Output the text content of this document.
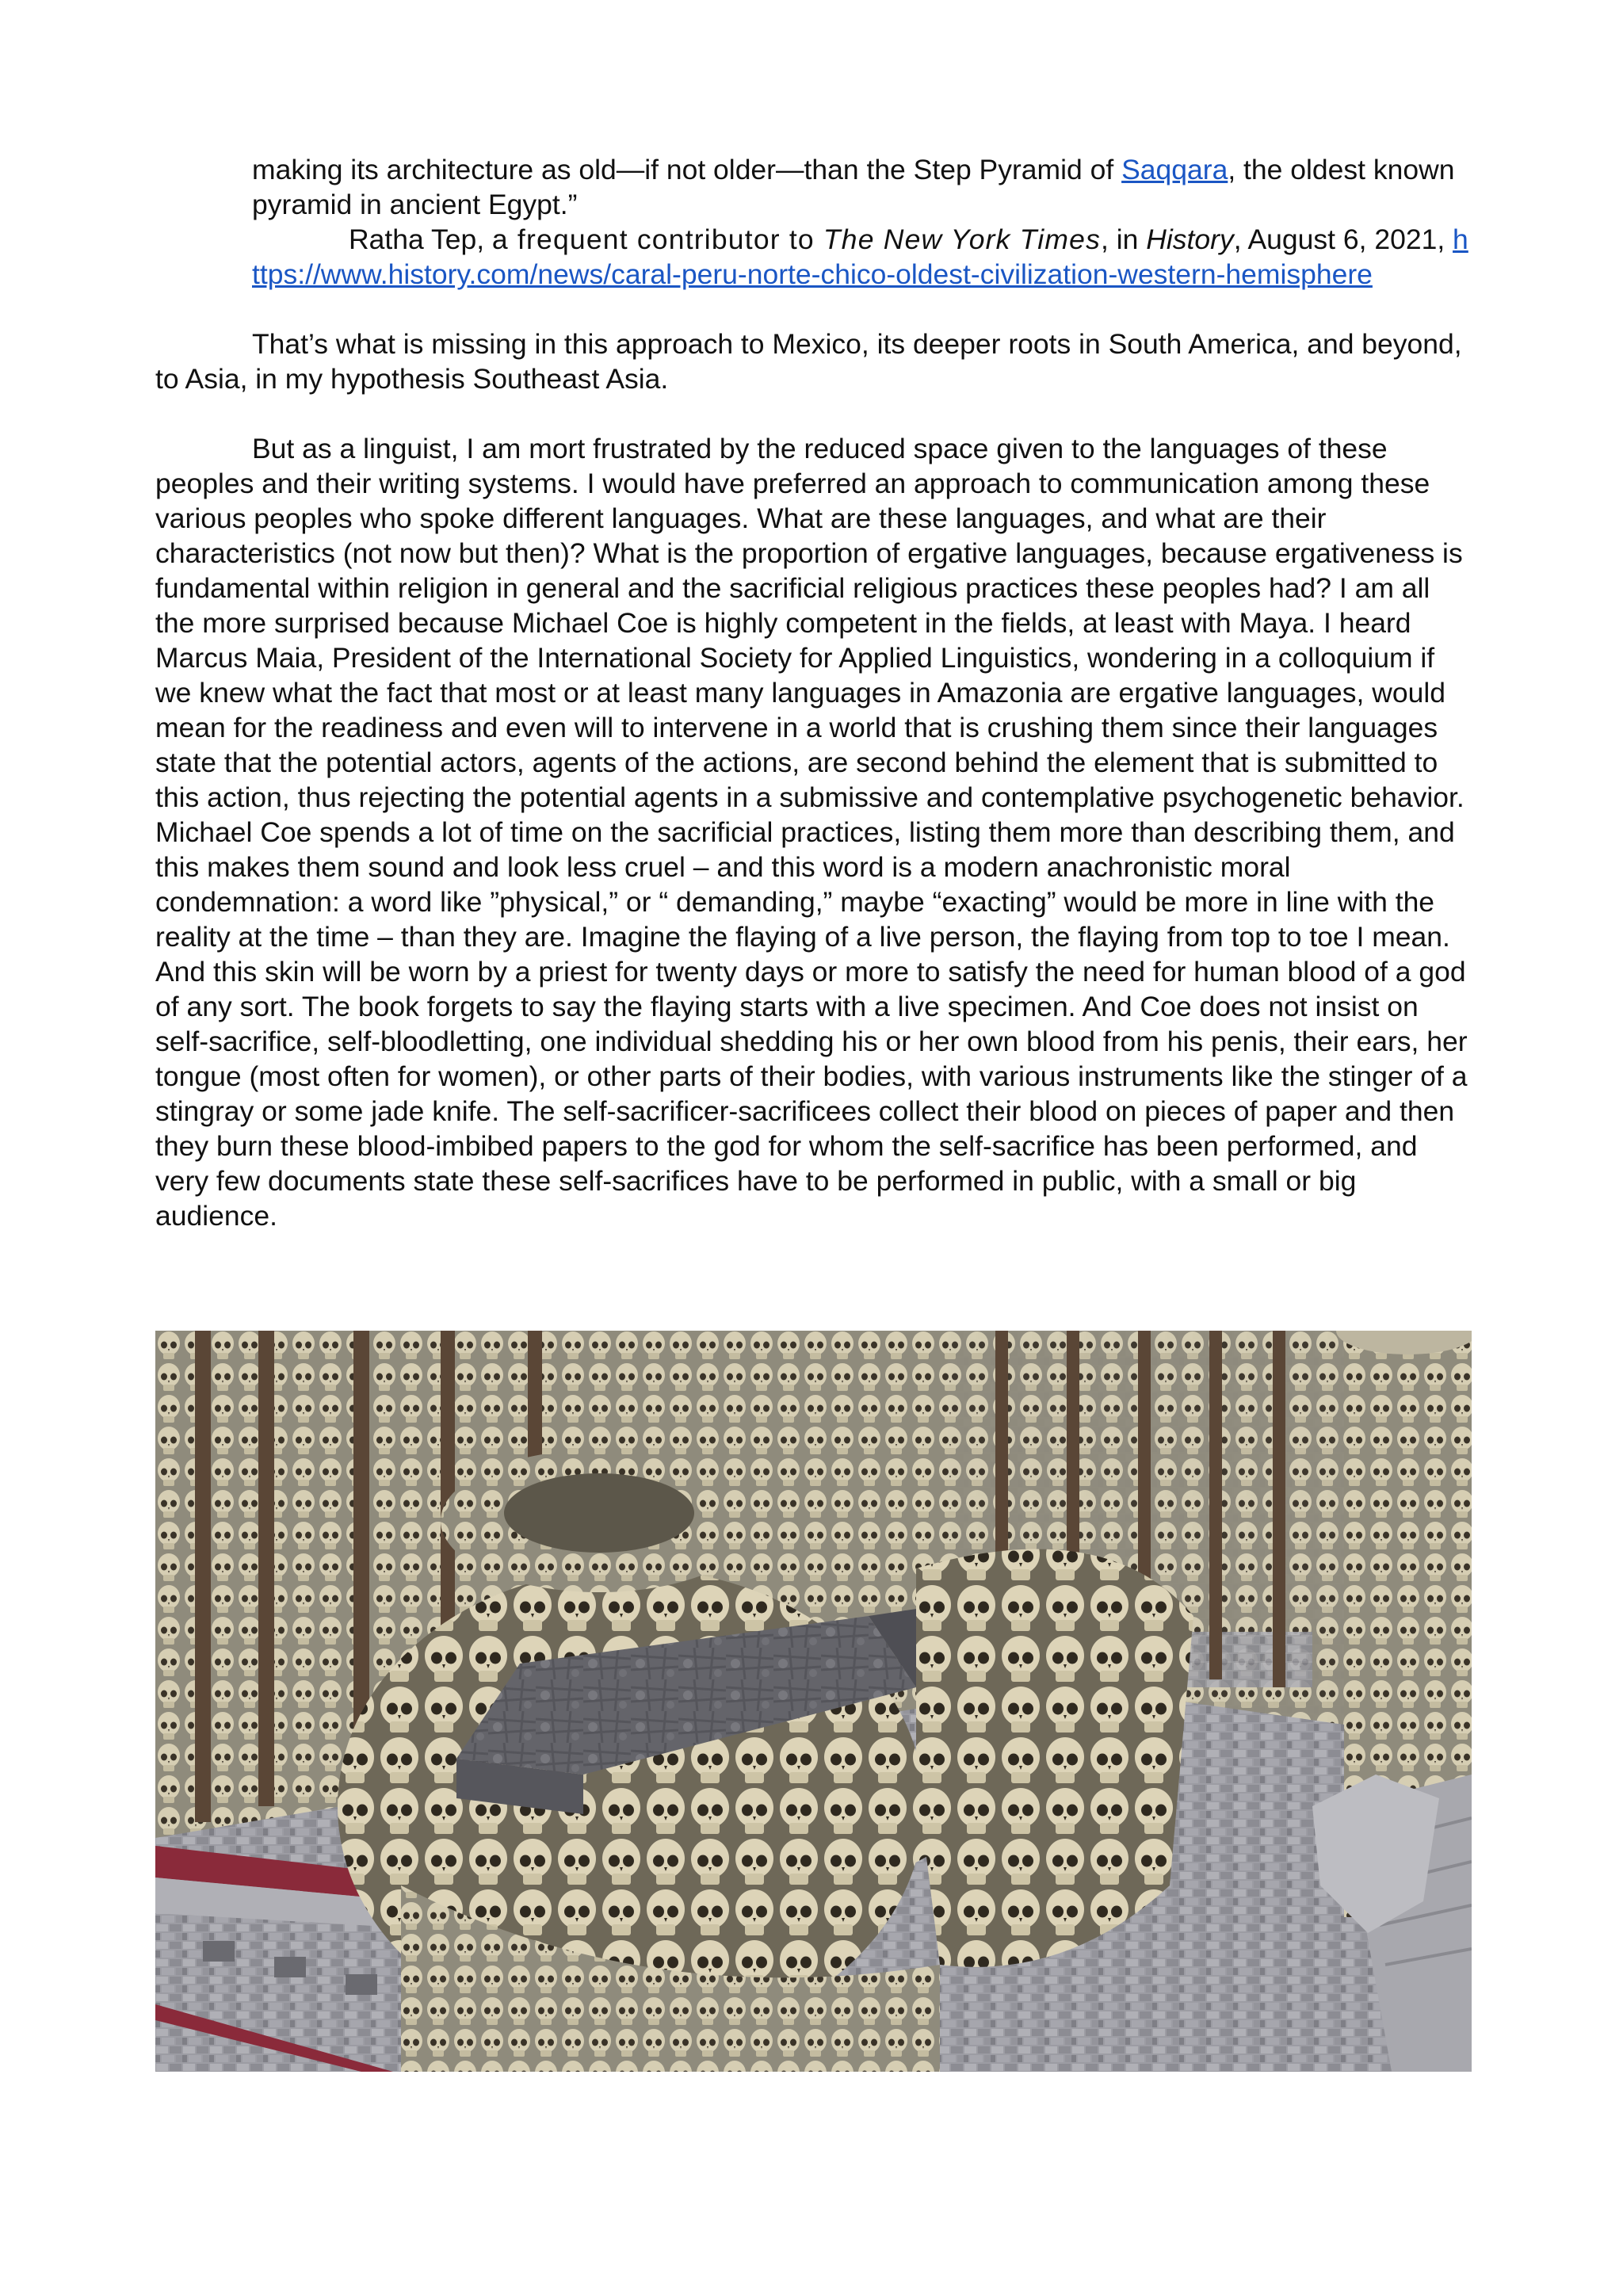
making its architecture as old—if not older—than the Step Pyramid of Saqqara, the oldest known pyramid in ancient Egypt.”

Ratha Tep, a frequent contributor to The New York Times, in History, August 6, 2021, https://www.history.com/news/caral-peru-norte-chico-oldest-civilization-western-hemisphere

That’s what is missing in this approach to Mexico, its deeper roots in South America, and beyond, to Asia, in my hypothesis Southeast Asia.

But as a linguist, I am mort frustrated by the reduced space given to the languages of these peoples and their writing systems. I would have preferred an approach to communication among these various peoples who spoke different languages. What are these languages, and what are their characteristics (not now but then)? What is the proportion of ergative languages, because ergativeness is fundamental within religion in general and the sacrificial religious practices these peoples had? I am all the more surprised because Michael Coe is highly competent in the fields, at least with Maya. I heard Marcus Maia, President of the International Society for Applied Linguistics, wondering in a colloquium if we knew what the fact that most or at least many languages in Amazonia are ergative languages, would mean for the readiness and even will to intervene in a world that is crushing them since their languages state that the potential actors, agents of the actions, are second behind the element that is submitted to this action, thus rejecting the potential agents in a submissive and contemplative psychogenetic behavior. Michael Coe spends a lot of time on the sacrificial practices, listing them more than describing them, and this makes them sound and look less cruel – and this word is a modern anachronistic moral condemnation: a word like ”physical,” or “ demanding,” maybe “exacting” would be more in line with the reality at the time – than they are. Imagine the flaying of a live person, the flaying from top to toe I mean. And this skin will be worn by a priest for twenty days or more to satisfy the need for human blood of a god of any sort. The book forgets to say the flaying starts with a live specimen. And Coe does not insist on self-sacrifice, self-bloodletting, one individual shedding his or her own blood from his penis, their ears, her tongue (most often for women), or other parts of their bodies, with various instruments like the stinger of a stingray or some jade knife. The self-sacrificer-sacrificees collect their blood on pieces of paper and then they burn these blood-imbibed papers to the god for whom the self-sacrifice has been performed, and very few documents state these self-sacrifices have to be performed in public, with a small or big audience.
